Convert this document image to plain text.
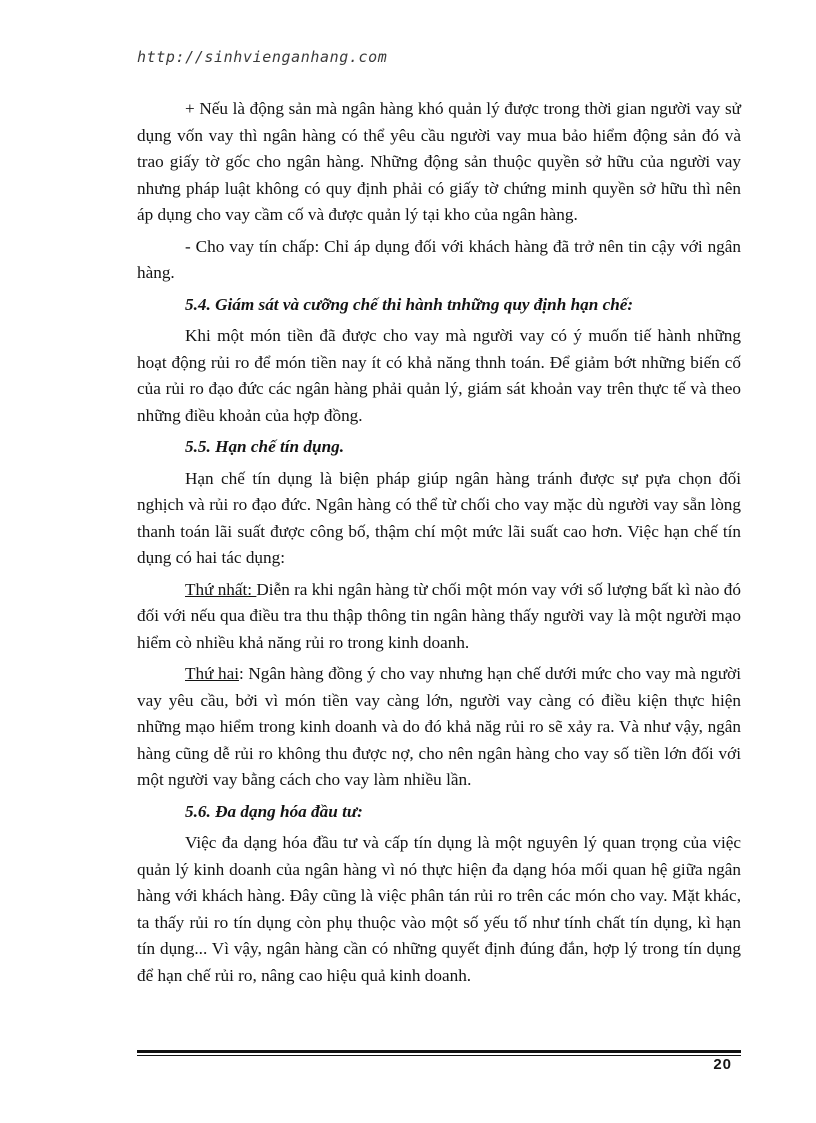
http://sinhvienganhang.com

+ Nếu là động sản mà ngân hàng khó quản lý được trong thời gian người vay sử dụng vốn vay thì ngân hàng có thể yêu cầu người vay mua bảo hiểm động sản đó và trao giấy tờ gốc cho ngân hàng. Những động sản thuộc quyền sở hữu của người vay nhưng pháp luật không có quy định phải có giấy tờ chứng minh quyền sở hữu thì nên áp dụng cho vay cầm cố và được quản lý tại kho của ngân hàng.

- Cho vay tín chấp: Chỉ áp dụng đối với khách hàng đã trở nên tin cậy với ngân hàng.

5.4. Giám sát và cưỡng chế thi hành tnhững quy định hạn chế:

Khi một món tiền đã được cho vay mà người vay có ý muốn tiế hành những hoạt động rủi ro để món tiền nay ít có khả năng thnh toán. Để giảm bớt những biến cố của rủi ro đạo đức các ngân hàng phải quản lý, giám sát khoản vay trên thực tế và theo những điều khoản của hợp đồng.

5.5. Hạn chế tín dụng.

Hạn chế tín dụng là biện pháp giúp ngân hàng tránh được sự pựa chọn đối nghịch và rủi ro đạo đức. Ngân hàng có thể từ chối cho vay mặc dù người vay sẵn lòng thanh toán lãi suất được công bố, thậm chí một mức lãi suất cao hơn. Việc hạn chế tín dụng có hai tác dụng:

Thứ nhất: Diễn ra khi ngân hàng từ chối một món vay với số lượng bất kì nào đó đối với nếu qua điều tra thu thập thông tin ngân hàng thấy người vay là một người mạo hiểm cò nhiều khả năng rủi ro trong kinh doanh.

Thứ hai: Ngân hàng đồng ý cho vay nhưng hạn chế dưới mức cho vay mà người vay yêu cầu, bởi vì món tiền vay càng lớn, người vay càng có điều kiện thực hiện những mạo hiểm trong kinh doanh và do đó khả năg rủi ro sẽ xảy ra. Và như vậy, ngân hàng cũng dễ rủi ro không thu được nợ, cho nên ngân hàng cho vay số tiền lớn đối với một người vay bằng cách cho vay làm nhiều lần.

5.6. Đa dạng hóa đầu tư:

Việc đa dạng hóa đầu tư và cấp tín dụng là một nguyên lý quan trọng của việc quản lý kinh doanh của ngân hàng vì nó thực hiện đa dạng hóa mối quan hệ giữa ngân hàng với khách hàng. Đây cũng là việc phân tán rủi ro trên các món cho vay. Mặt khác, ta thấy rủi ro tín dụng còn phụ thuộc vào một số yếu tố như tính chất tín dụng, kì hạn tín dụng... Vì vậy, ngân hàng cần có những quyết định đúng đắn, hợp lý trong tín dụng để hạn chế rủi ro, nâng cao hiệu quả kinh doanh.

20
